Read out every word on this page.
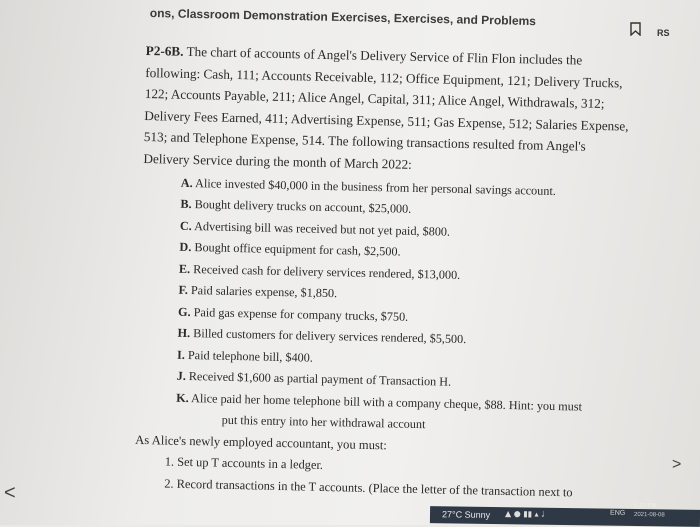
ons, Classroom Demonstration Exercises, Exercises, and Problems
RS

P2-6B. The chart of accounts of Angel's Delivery Service of Flin Flon includes the following: Cash, 111; Accounts Receivable, 112; Office Equipment, 121; Delivery Trucks, 122; Accounts Payable, 211; Alice Angel, Capital, 311; Alice Angel, Withdrawals, 312; Delivery Fees Earned, 411; Advertising Expense, 511; Gas Expense, 512; Salaries Expense, 513; and Telephone Expense, 514. The following transactions resulted from Angel's Delivery Service during the month of March 2022:

A. Alice invested $40,000 in the business from her personal savings account.

B. Bought delivery trucks on account, $25,000.

C. Advertising bill was received but not yet paid, $800.

D. Bought office equipment for cash, $2,500.

E. Received cash for delivery services rendered, $13,000.

F. Paid salaries expense, $1,850.

G. Paid gas expense for company trucks, $750.

H. Billed customers for delivery services rendered, $5,500.

I. Paid telephone bill, $400.

J. Received $1,600 as partial payment of Transaction H.

K. Alice paid her home telephone bill with a company cheque, $88. Hint: you must

put this entry into her withdrawal account

As Alice's newly employed accountant, you must:

1. Set up T accounts in a ledger.
2. Record transactions in the T accounts. (Place the letter of the transaction next to
<
>
27°C Sunny ▲ ● ▮▮ ▴ ♩	ENG
6:27 PM
2021-08-08
